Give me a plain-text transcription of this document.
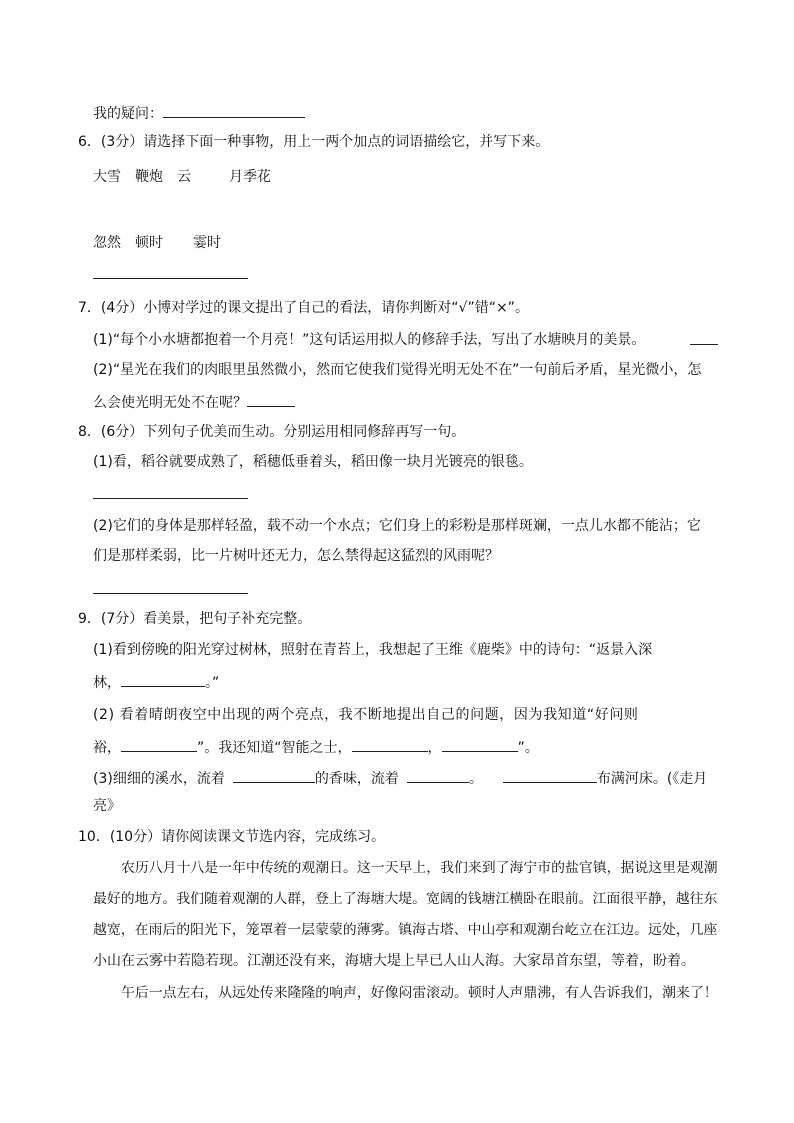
我的疑问：
6．(3分）请选择下面一种事物，用上一两个加点的词语描绘它，并写下来。
大雪 鞭炮 云	月季花
忽然 顿时 霎时
7．(4分）小博对学过的课文提出了自己的看法，请你判断对“√”错“×”。
(1)“每个小水塘都抱着一个月亮！”这句话运用拟人的修辞手法，写出了水塘映月的美景。
(2)“星光在我们的肉眼里虽然微小，然而它使我们觉得光明无处不在”一句前后矛盾，星光微小，怎
么会使光明无处不在呢？
8．(6分）下列句子优美而生动。分别运用相同修辞再写一句。
(1)看，稻谷就要成熟了，稻穗低垂着头，稻田像一块月光镀亮的银毯。
(2)它们的身体是那样轻盈，载不动一个水点；它们身上的彩粉是那样斑斓，一点儿水都不能沾；它
们是那样柔弱，比一片树叶还无力，怎么禁得起这猛烈的风雨呢？
9．(7分）看美景，把句子补充完整。
(1)看到傍晚的阳光穿过树林，照射在青苔上，我想起了王维《鹿柴》中的诗句：“返景入深
林，	。”
(2) 看着晴朗夜空中出现的两个亮点，我不断地提出自己的问题，因为我知道“好问则
裕，	”。我还知道“智能之士，	，	”。
(3)细细的溪水，流着	的香味，流着	。	布满河床。(《走月
亮》
10．(10分）请你阅读课文节选内容，完成练习。
农历八月十八是一年中传统的观潮日。这一天早上，我们来到了海宁市的盐官镇，据说这里是观潮
最好的地方。我们随着观潮的人群，登上了海塘大堤。宽阔的钱塘江横卧在眼前。江面很平静，越往东
越宽，在雨后的阳光下，笼罩着一层蒙蒙的薄雾。镇海古塔、中山亭和观潮台屹立在江边。远处，几座
小山在云雾中若隐若现。江潮还没有来，海塘大堤上早已人山人海。大家昂首东望，等着，盼着。
午后一点左右，从远处传来隆隆的响声，好像闷雷滚动。顿时人声鼎沸，有人告诉我们，潮来了！
